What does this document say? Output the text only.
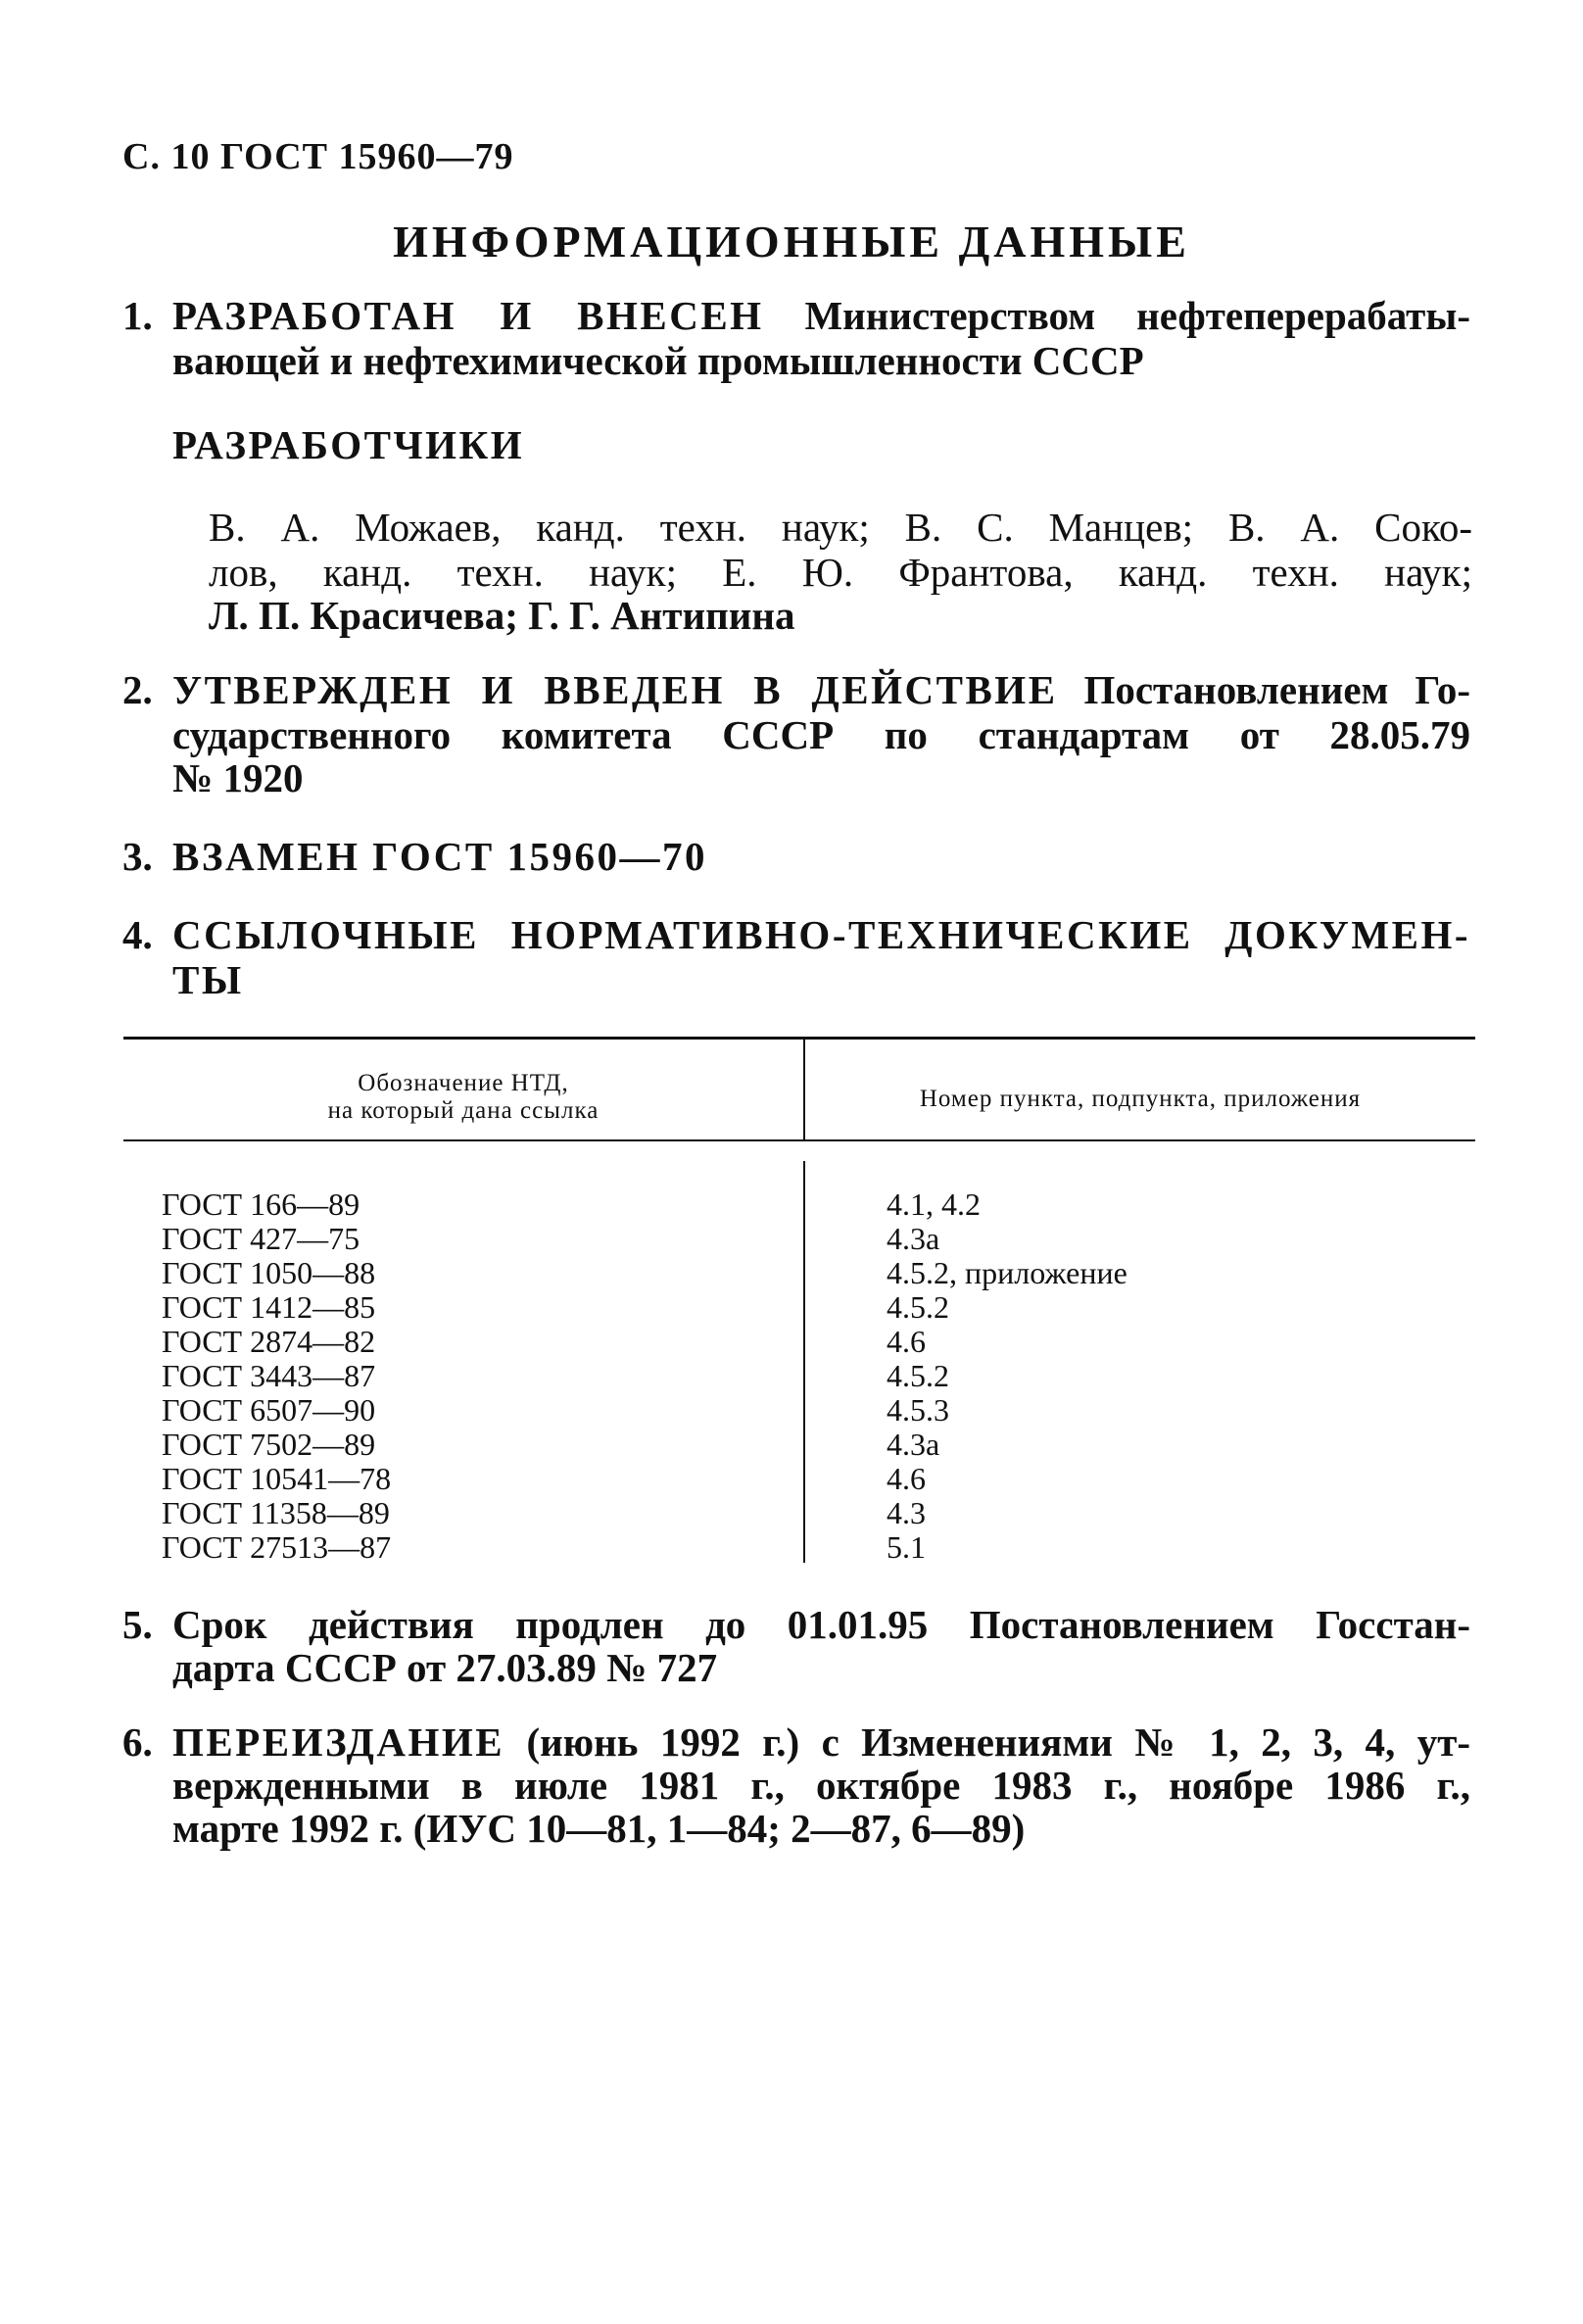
С. 10 ГОСТ 15960—79
ИНФОРМАЦИОННЫЕ ДАННЫЕ
1. РАЗРАБОТАН И ВНЕСЕН Министерством нефтеперерабаты-
вающей и нефтехимической промышленности СССР
РАЗРАБОТЧИКИ
В. А. Можаев, канд. техн. наук; В. С. Манцев; В. А. Соко-
лов, канд. техн. наук; Е. Ю. Франтова, канд. техн. наук;
Л. П. Красичева; Г. Г. Антипина
2. УТВЕРЖДЕН И ВВЕДЕН В ДЕЙСТВИЕ Постановлением Го-
сударственного комитета СССР по стандартам от 28.05.79
№ 1920
3. ВЗАМЕН ГОСТ 15960—70
4. ССЫЛОЧНЫЕ НОРМАТИВНО-ТЕХНИЧЕСКИЕ ДОКУМЕН-
ТЫ
Обозначение НТД,
на который дана ссылка	Номер пункта, подпункта, приложения
ГОСТ 166—89
ГОСТ 427—75
ГОСТ 1050—88
ГОСТ 1412—85
ГОСТ 2874—82
ГОСТ 3443—87
ГОСТ 6507—90
ГОСТ 7502—89
ГОСТ 10541—78
ГОСТ 11358—89
ГОСТ 27513—87
4.1, 4.2
4.3а
4.5.2, приложение
4.5.2
4.6
4.5.2
4.5.3
4.3а
4.6
4.3
5.1
5. Срок действия продлен до 01.01.95 Постановлением Госстан-
дарта СССР от 27.03.89 № 727
6. ПЕРЕИЗДАНИЕ (июнь 1992 г.) с Изменениями № 1, 2, 3, 4, ут-
вержденными в июле 1981 г., октябре 1983 г., ноябре 1986 г.,
марте 1992 г. (ИУС 10—81, 1—84; 2—87, 6—89)
